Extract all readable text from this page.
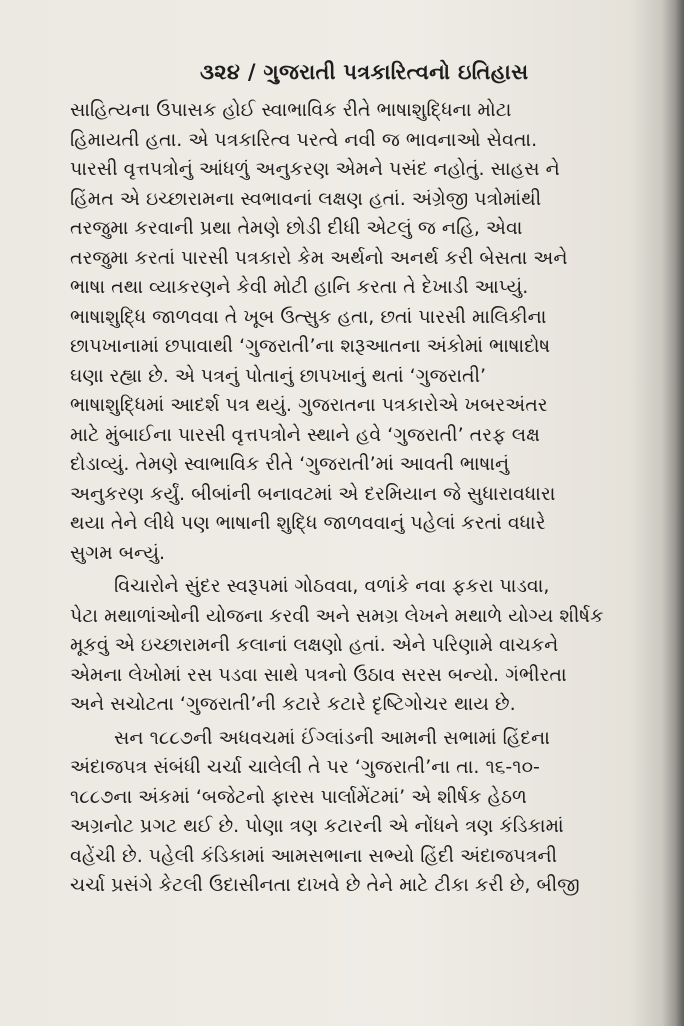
૩૨૪ / ગુજરાતી પત્રકારિત્વનો ઇતિહાસ
સાહિત્યના ઉપાસક હોઈ સ્વાભાવિક રીતે ભાષાશુદ્ધિના મોટા
હિમાયતી હતા. એ પત્રકારિત્વ પરત્વે નવી જ ભાવનાઓ સેવતા.
પારસી વૃત્તપત્રોનું આંધળું અનુકરણ એમને પસંદ નહોતું. સાહસ ને
હિંમત એ ઇચ્છારામના સ્વભાવનાં લક્ષણ હતાં. અંગ્રેજી પત્રોમાંથી
તરજુમા કરવાની પ્રથા તેમણે છોડી દીધી એટલું જ નહિ, એવા
તરજુમા કરતાં પારસી પત્રકારો કેમ અર્થનો અનર્થ કરી બેસતા અને
ભાષા તથા વ્યાકરણને કેવી મોટી હાનિ કરતા તે દેખાડી આપ્યું.
ભાષાશુદ્ધિ જાળવવા તે ખૂબ ઉત્સુક હતા, છતાં પારસી માલિકીના
છાપખાનામાં છપાવાથી ‘ગુજરાતી’ના શરૂઆતના અંકોમાં ભાષાદોષ
ઘણા રહ્યા છે. એ પત્રનું પોતાનું છાપખાનું થતાં ‘ગુજરાતી’
ભાષાશુદ્ધિમાં આદર્શ પત્ર થયું. ગુજરાતના પત્રકારોએ ખબરઅંતર
માટે મુંબાઈના પારસી વૃત્તપત્રોને સ્થાને હવે ‘ગુજરાતી’ તરફ લક્ષ
દોડાવ્યું. તેમણે સ્વાભાવિક રીતે ‘ગુજરાતી’માં આવતી ભાષાનું
અનુકરણ કર્યું. બીબાંની બનાવટમાં એ દરમિયાન જે સુધારાવધારા
થયા તેને લીધે પણ ભાષાની શુદ્ધિ જાળવવાનું પહેલાં કરતાં વધારે
સુગમ બન્યું.
વિચારોને સુંદર સ્વરૂપમાં ગોઠવવા, વળાંકે નવા ફકરા પાડવા,
પેટા મથાળાંઓની યોજના કરવી અને સમગ્ર લેખને મથાળે યોગ્ય શીર્ષક
મૂકવું એ ઇચ્છારામની કલાનાં લક્ષણો હતાં. એને પરિણામે વાચકને
એમના લેખોમાં રસ પડવા સાથે પત્રનો ઉઠાવ સરસ બન્યો. ગંભીરતા
અને સચોટતા ‘ગુજરાતી’ની કટારે કટારે દૃષ્ટિગોચર થાય છે.
સન ૧૮૮૭ની અધવચમાં ઈંગ્લાંડની આમની સભામાં હિંદના
અંદાજપત્ર સંબંધી ચર્ચા ચાલેલી તે પર ‘ગુજરાતી’ના તા. ૧૬-૧૦-
૧૮૮૭ના અંકમાં ‘બજેટનો ફારસ પાર્લામેંટમાં’ એ શીર્ષક હેઠળ
અગ્રનોટ પ્રગટ થઈ છે. પોણા ત્રણ કટારની એ નોંધને ત્રણ કંડિકામાં
વહેંચી છે. પહેલી કંડિકામાં આમસભાના સભ્યો હિંદી અંદાજપત્રની
ચર્ચા પ્રસંગે કેટલી ઉદાસીનતા દાખવે છે તેને માટે ટીકા કરી છે, બીજી
